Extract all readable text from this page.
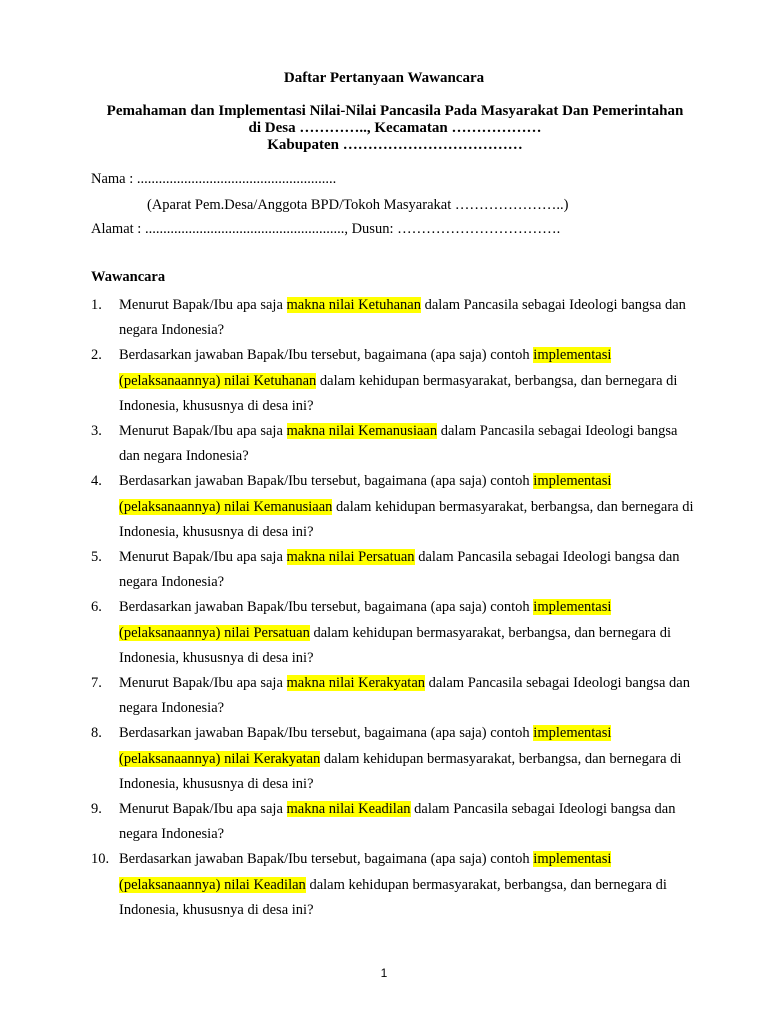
Daftar Pertanyaan Wawancara
Pemahaman dan Implementasi Nilai-Nilai Pancasila Pada Masyarakat Dan Pemerintahan
di Desa ………….., Kecamatan ………………
Kabupaten ………………………………
Nama : .......................................................
(Aparat Pem.Desa/Anggota BPD/Tokoh Masyarakat …………………..)
Alamat : ......................................................., Dusun: …………………………….
Wawancara
1.	Menurut Bapak/Ibu apa saja makna nilai Ketuhanan dalam Pancasila sebagai Ideologi bangsa dan negara Indonesia?
2.	Berdasarkan jawaban Bapak/Ibu tersebut, bagaimana (apa saja) contoh implementasi (pelaksanaannya) nilai Ketuhanan dalam kehidupan bermasyarakat, berbangsa, dan bernegara di Indonesia, khususnya di desa ini?
3.	Menurut Bapak/Ibu apa saja makna nilai Kemanusiaan dalam Pancasila sebagai Ideologi bangsa dan negara Indonesia?
4.	Berdasarkan jawaban Bapak/Ibu tersebut, bagaimana (apa saja) contoh implementasi (pelaksanaannya) nilai Kemanusiaan dalam kehidupan bermasyarakat, berbangsa, dan bernegara di Indonesia, khususnya di desa ini?
5.	Menurut Bapak/Ibu apa saja makna nilai Persatuan dalam Pancasila sebagai Ideologi bangsa dan negara Indonesia?
6.	Berdasarkan jawaban Bapak/Ibu tersebut, bagaimana (apa saja) contoh implementasi (pelaksanaannya) nilai Persatuan dalam kehidupan bermasyarakat, berbangsa, dan bernegara di Indonesia, khususnya di desa ini?
7.	Menurut Bapak/Ibu apa saja makna nilai Kerakyatan dalam Pancasila sebagai Ideologi bangsa dan negara Indonesia?
8.	Berdasarkan jawaban Bapak/Ibu tersebut, bagaimana (apa saja) contoh implementasi (pelaksanaannya) nilai Kerakyatan dalam kehidupan bermasyarakat, berbangsa, dan bernegara di Indonesia, khususnya di desa ini?
9.	Menurut Bapak/Ibu apa saja makna nilai Keadilan dalam Pancasila sebagai Ideologi bangsa dan negara Indonesia?
10. Berdasarkan jawaban Bapak/Ibu tersebut, bagaimana (apa saja) contoh implementasi (pelaksanaannya) nilai Keadilan dalam kehidupan bermasyarakat, berbangsa, dan bernegara di Indonesia, khususnya di desa ini?
1
